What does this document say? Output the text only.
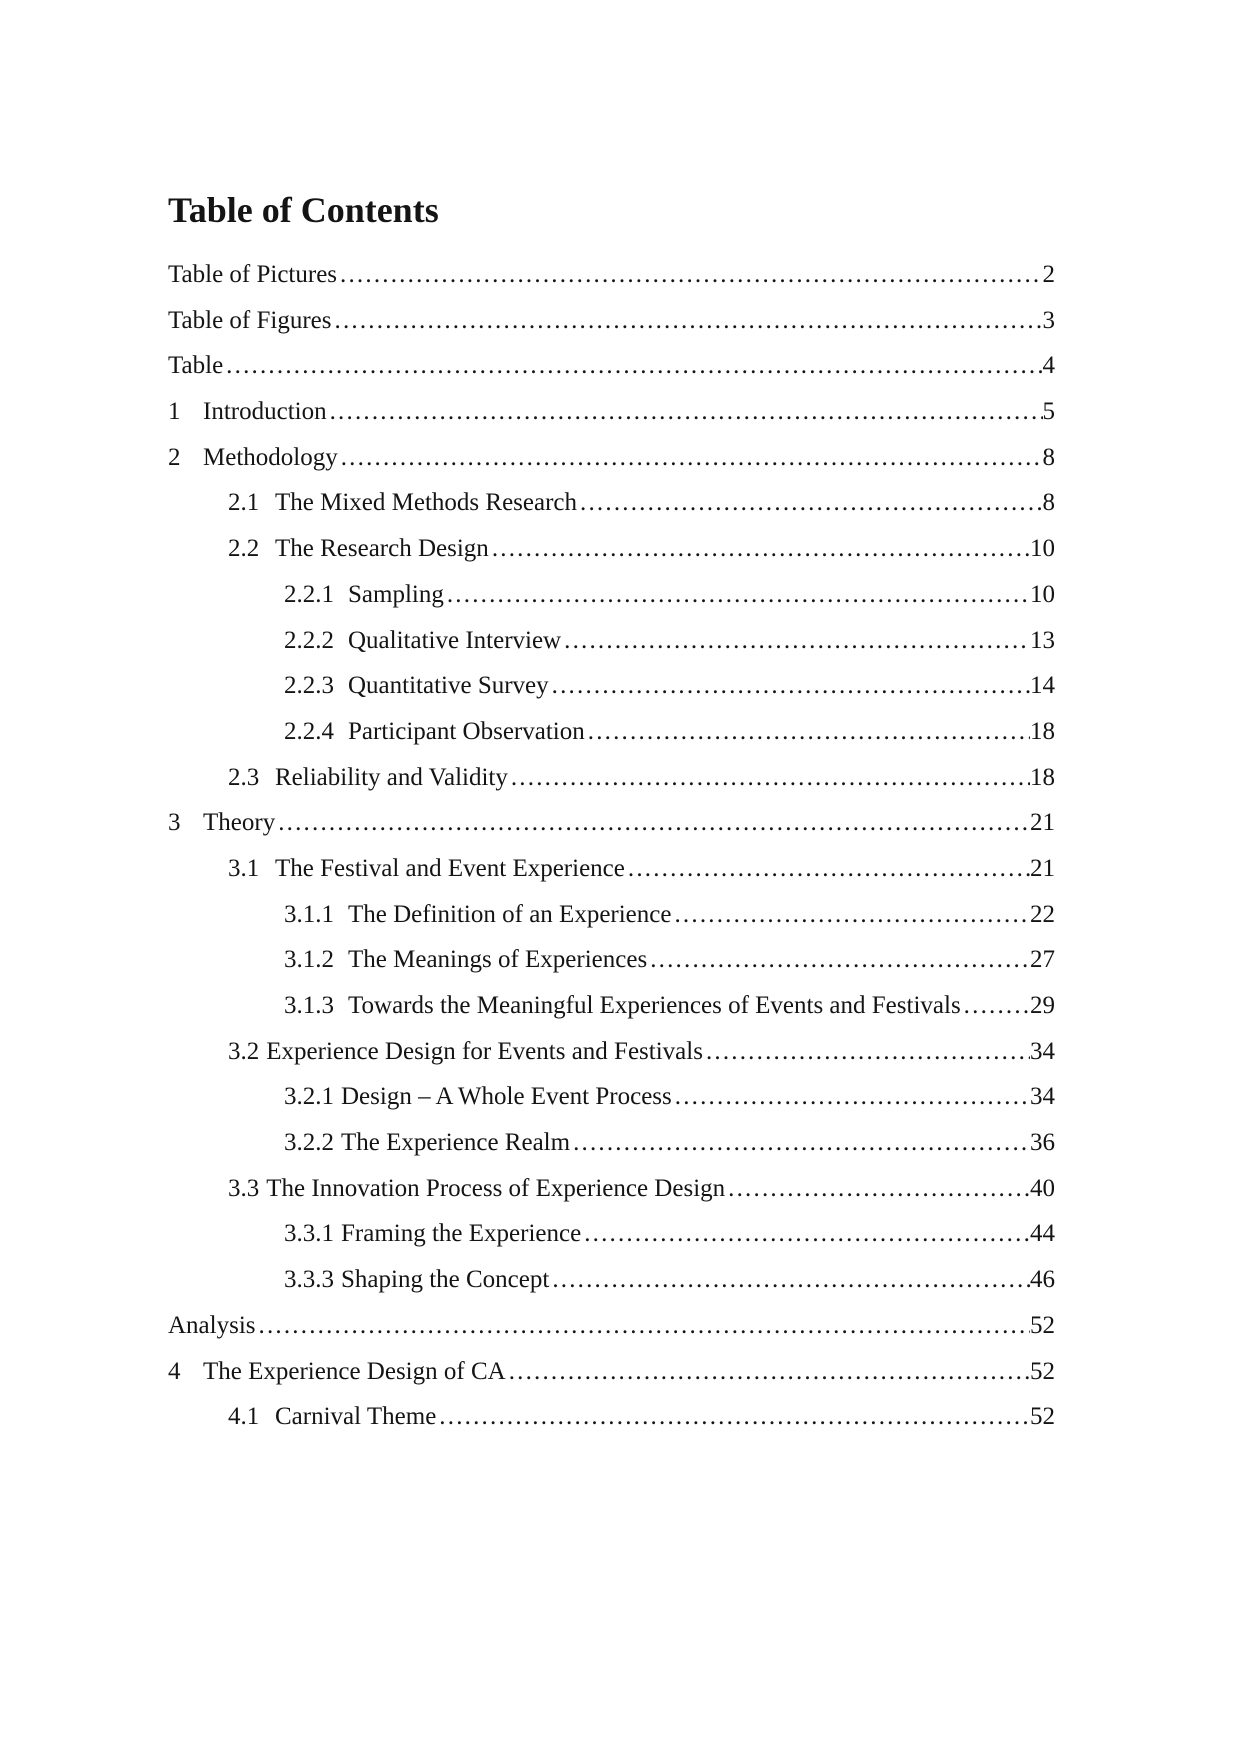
Table of Contents
Table of Pictures .....	2
Table of Figures .....	3
Table .....	4
1 Introduction .....	5
2 Methodology .....	8
2.1 The Mixed Methods Research .....	8
2.2 The Research Design .....	10
2.2.1 Sampling .....	10
2.2.2 Qualitative Interview .....	13
2.2.3 Quantitative Survey .....	14
2.2.4 Participant Observation .....	18
2.3 Reliability and Validity .....	18
3 Theory .....	21
3.1 The Festival and Event Experience .....	21
3.1.1 The Definition of an Experience .....	22
3.1.2 The Meanings of Experiences .....	27
3.1.3 Towards the Meaningful Experiences of Events and Festivals .....	29
3.2 Experience Design for Events and Festivals .....	34
3.2.1 Design – A Whole Event Process .....	34
3.2.2 The Experience Realm .....	36
3.3 The Innovation Process of Experience Design .....	40
3.3.1 Framing the Experience .....	44
3.3.3 Shaping the Concept .....	46
Analysis .....	52
4 The Experience Design of CA .....	52
4.1 Carnival Theme .....	52
